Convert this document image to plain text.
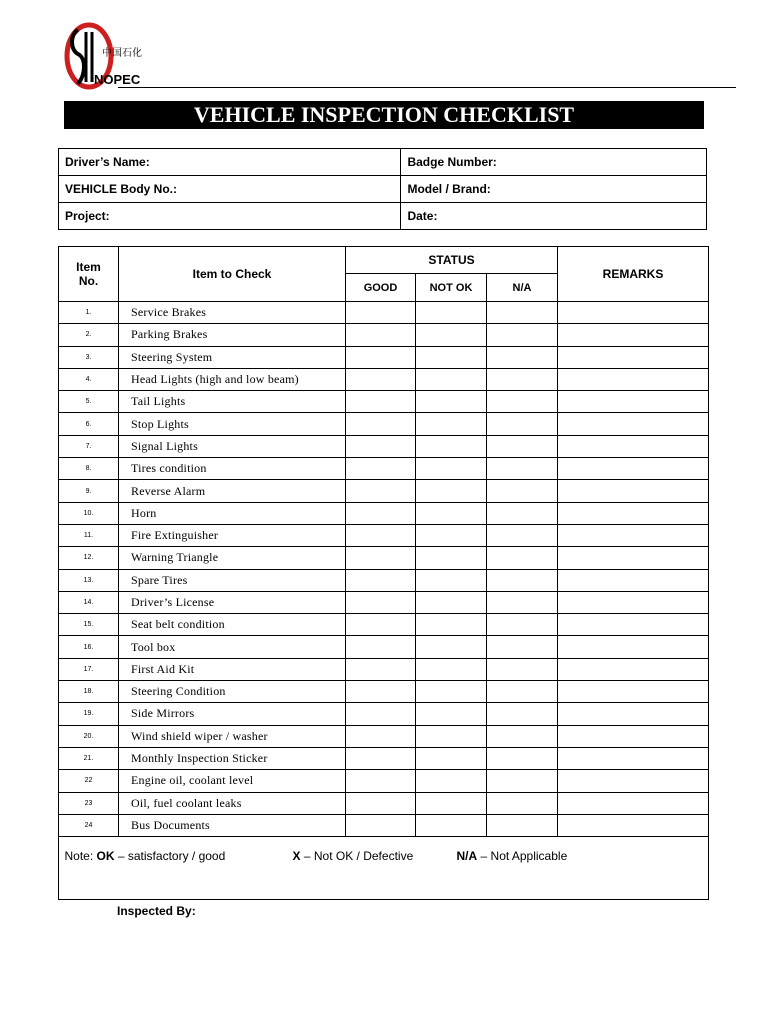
中国石化
NOPEC
VEHICLE INSPECTION CHECKLIST
Driver’s Name:	Badge Number:
VEHICLE Body No.:	Model / Brand:
Project:	Date:
Item
No.	Item to Check	STATUS			REMARKS
		GOOD	NOT OK	N/A	
1.	Service Brakes				
2.	Parking Brakes				
3.	Steering System				
4.	Head Lights (high and low beam)				
5.	Tail Lights				
6.	Stop Lights				
7.	Signal Lights				
8.	Tires condition				
9.	Reverse Alarm				
10.	Horn				
11.	Fire Extinguisher				
12.	Warning Triangle				
13.	Spare Tires				
14.	Driver’s License				
15.	Seat belt condition				
16.	Tool box				
17.	First Aid Kit				
18.	Steering Condition				
19.	Side Mirrors				
20.	Wind shield wiper / washer				
21.	Monthly Inspection Sticker				
22	Engine oil, coolant level				
23	Oil, fuel coolant leaks				
24	Bus Documents				

Note: OK – satisfactory / good X – Not OK / Defective N/A – Not Applicable					
Inspected By:
